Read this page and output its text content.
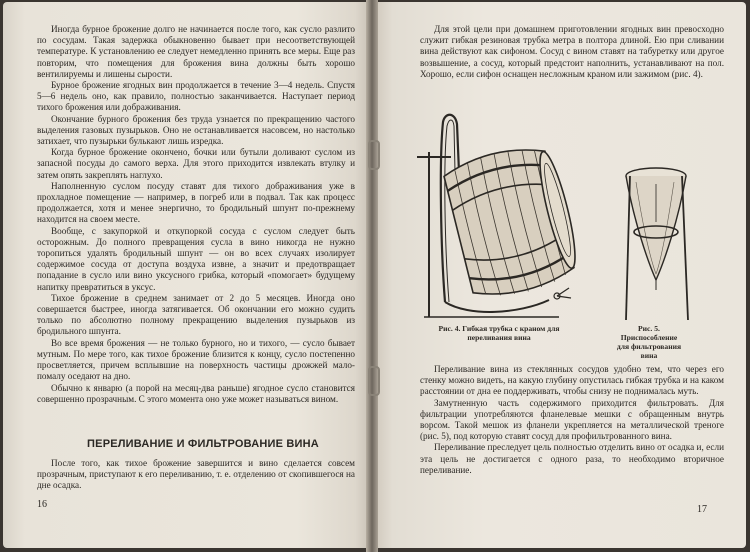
Иногда бурное брожение долго не начинается после того, как сусло разлито по сосудам. Такая задержка обыкновенно бывает при несоответствующей температуре. К установлению ее следует немедленно принять все меры. Еще раз повторим, что помещения для брожения вина должны быть хорошо вентилируемы и лишены сырости.

Бурное брожение ягодных вин продолжается в течение 3—4 недель. Спустя 5—6 недель оно, как правило, полностью заканчивается. Наступает период тихого брожения или дображивания.

Окончание бурного брожения без труда узнается по прекращению частого выделения газовых пузырьков. Оно не останавливается насовсем, но настолько затихает, что пузырьки булькают лишь изредка.

Когда бурное брожение окончено, бочки или бутыли доливают суслом из запасной посуды до самого верха. Для этого приходится извлекать втулку и затем опять закреплять наглухо.

Наполненную суслом посуду ставят для тихого дображивания уже в прохладное помещение — например, в погреб или в подвал. Так как процесс продолжается, хотя и менее энергично, то бродильный шпунт по-прежнему находится на своем месте.

Вообще, с закупоркой и откупоркой сосуда с суслом следует быть осторожным. До полного превращения сусла в вино никогда не нужно торопиться удалять бродильный шпунт — он во всех случаях изолирует содержимое сосуда от доступа воздуха извне, а значит и предотвращает попадание в сусло или вино уксусного грибка, который «помогает» будущему напитку превратиться в уксус.

Тихое брожение в среднем занимает от 2 до 5 месяцев. Иногда оно совершается быстрее, иногда затягивается. Об окончании его можно судить только по абсолютно полному прекращению выделения пузырьков из бродильного шпунта.

Во все время брожения — не только бурного, но и тихого, — сусло бывает мутным. По мере того, как тихое брожение близится к концу, сусло постепенно просветляется, причем всплывшие на поверхность частицы дрожжей мало-помалу оседают на дно.

Обычно к январю (а порой на месяц-два раньше) ягодное сусло становится совершенно прозрачным. С этого момента оно уже может называться вином.

ПЕРЕЛИВАНИЕ И ФИЛЬТРОВАНИЕ ВИНА

После того, как тихое брожение завершится и вино сделается совсем прозрачным, приступают к его переливанию, т. е. отделению от скопившегося на дне осадка.

16

Для этой цели при домашнем приготовлении ягодных вин превосходно служит гибкая резиновая трубка метра в полтора длиной. Ею при сливании вина действуют как сифоном. Сосуд с вином ставят на табуретку или другое возвышение, а сосуд, который предстоит наполнить, устанавливают на пол. Хорошо, если сифон оснащен несложным краном или зажимом (рис. 4).

Рис. 4. Гибкая трубка с краном для переливания вина
Рис. 5. Приспособление для фильтрования вина

Переливание вина из стеклянных сосудов удобно тем, что через его стенку можно видеть, на какую глубину опустилась гибкая трубка и на каком расстоянии от дна ее поддерживать, чтобы снизу не поднималась муть.

Замутненную часть содержимого приходится фильтровать. Для фильтрации употребляются фланелевые мешки с обращенным внутрь ворсом. Такой мешок из фланели укрепляется на металлической треноге (рис. 5), под которую ставят сосуд для профильтрованного вина.

Переливание преследует цель полностью отделить вино от осадка и, если эта цель не достигается с одного раза, то необходимо вторичное переливание.

17
